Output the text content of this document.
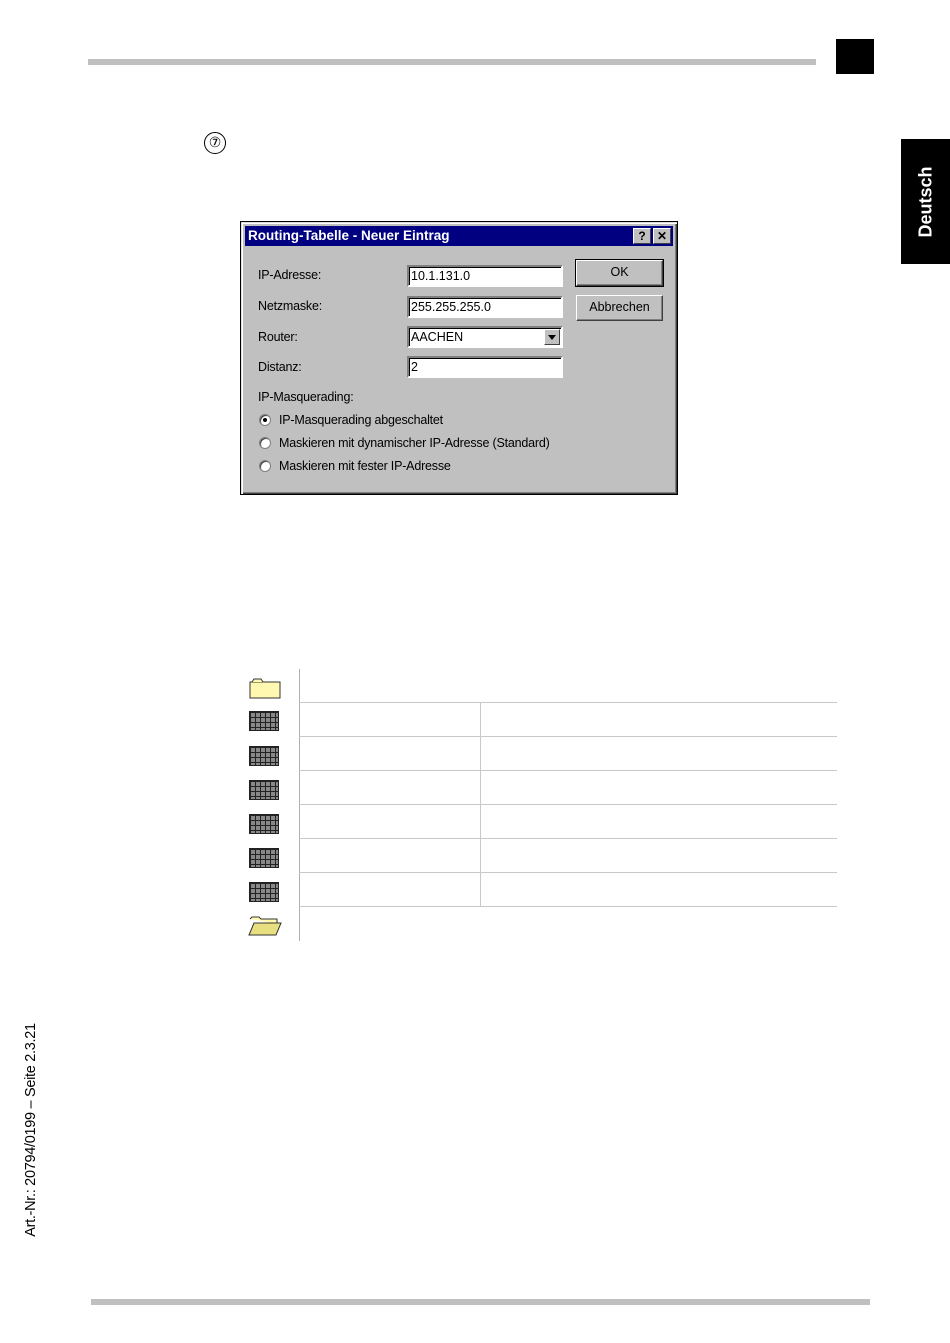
Deutsch
⑦
Routing-Tabelle - Neuer Eintrag	? ✕
IP-Adresse:	10.1.131.0
Netzmaske:	255.255.255.0
Router:	AACHEN
Distanz:	2
OK
Abbrechen
IP-Masquerading:
IP-Masquerading abgeschaltet
Maskieren mit dynamischer IP-Adresse (Standard)
Maskieren mit fester IP-Adresse
Art.-Nr.: 20794/0199 – Seite 2.3.21
